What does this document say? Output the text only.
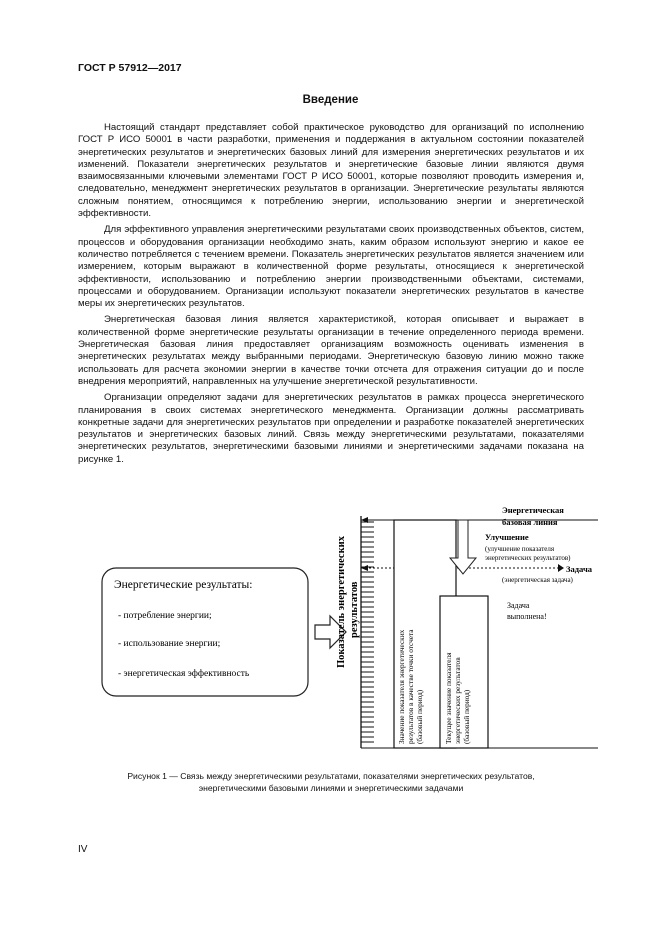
ГОСТ Р 57912—2017
Введение

Настоящий стандарт представляет собой практическое руководство для организаций по исполнению ГОСТ Р ИСО 50001 в части разработки, применения и поддержания в актуальном состоянии показателей энергетических результатов и энергетических базовых линий для измерения энергетических результатов и их изменений. Показатели энергетических результатов и энергетические базовые линии являются двумя взаимосвязанными ключевыми элементами ГОСТ Р ИСО 50001, которые позволяют проводить измерения и, следовательно, менеджмент энергетических результатов в организации. Энергетические результаты являются сложным понятием, относящимся к потреблению энергии, использованию энергии и энергетической эффективности.

Для эффективного управления энергетическими результатами своих производственных объектов, систем, процессов и оборудования организации необходимо знать, каким образом используют энергию и какое ее количество потребляется с течением времени. Показатель энергетических результатов является значением или измерением, которым выражают в количественной форме результаты, относящиеся к энергетической эффективности, использованию и потреблению энергии производственными объектами, системами, процессами и оборудованием. Организации используют показатели энергетических результатов в качестве меры их энергетических результатов.

Энергетическая базовая линия является характеристикой, которая описывает и выражает в количественной форме энергетические результаты организации в течение определенного периода времени. Энергетическая базовая линия предоставляет организациям возможность оценивать изменения в энергетических результатах между выбранными периодами. Энергетическую базовую линию можно также использовать для расчета экономии энергии в качестве точки отсчета для отражения ситуации до и после внедрения мероприятий, направленных на улучшение энергетической результативности.

Организации определяют задачи для энергетических результатов в рамках процесса энергетического планирования в своих системах энергетического менеджмента. Организации должны рассматривать конкретные задачи для энергетических результатов при определении и разработке показателей энергетических результатов и энергетических базовых линий. Связь между энергетическими результатами, показателями энергетических результатов, энергетическими базовыми линиями и энергетическими задачами показана на рисунке 1.

Энергетические результаты:
- потребление энергии;
- использование энергии;
- энергетическая эффективность
Показатель энергетических результатов
Значение показателя энергетических результатов в качестве точки отсчета (базовый период)	Текущее значение показателя энергетических результатов (базовый период)
Энергетическая
базовая линия
Улучшение
(улучшение показателя
энергетических результатов)
Задача
(энергетическая задача)
Задача
выполнена!
Рисунок 1 — Связь между энергетическими результатами, показателями энергетических результатов,
энергетическими базовыми линиями и энергетическими задачами
IV
